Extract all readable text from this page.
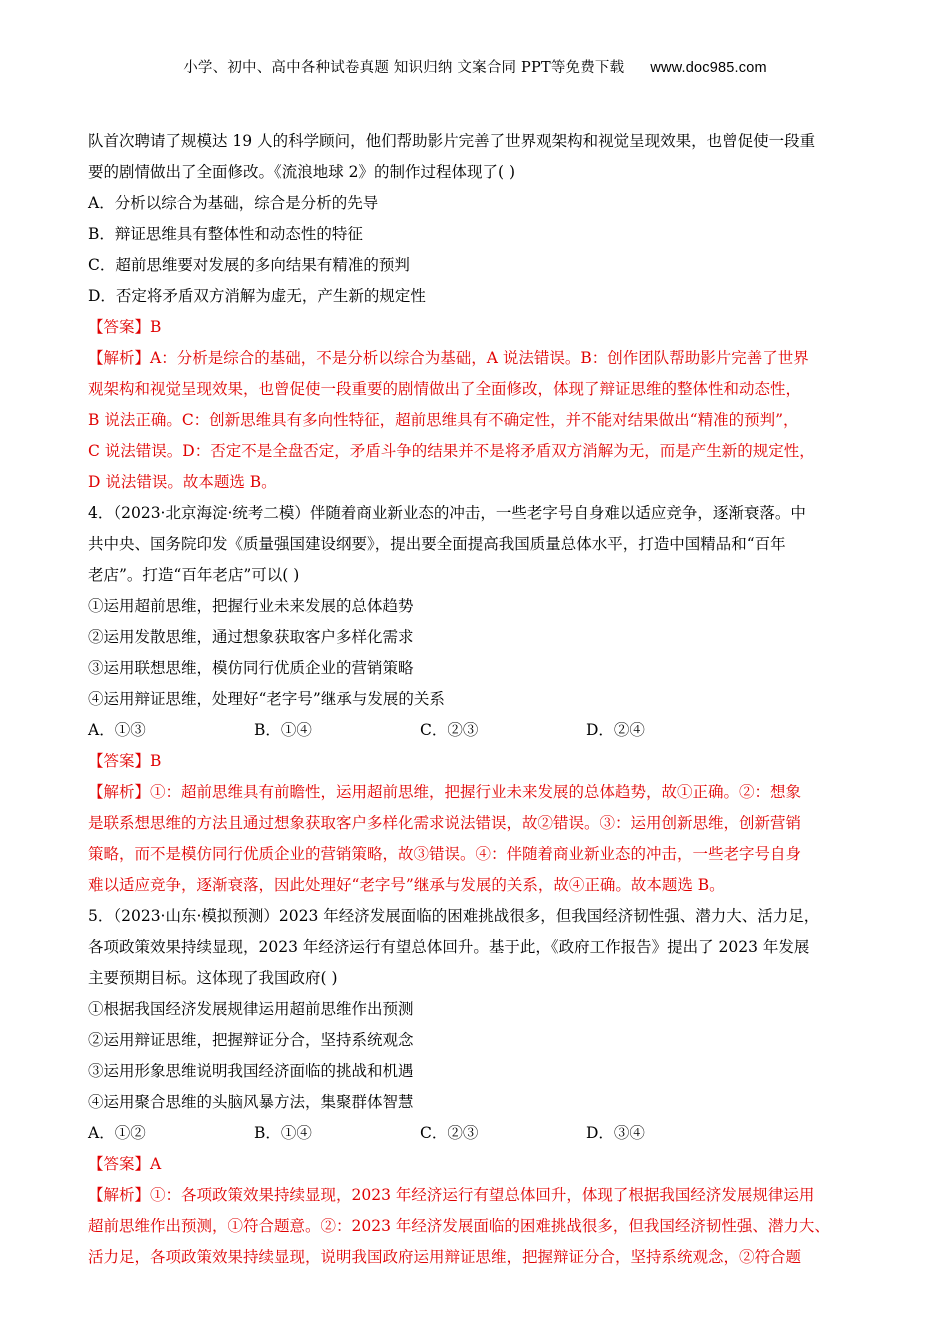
小学、初中、高中各种试卷真题 知识归纳 文案合同 PPT等免费下载 www.doc985.com
队首次聘请了规模达 19 人的科学顾问，他们帮助影片完善了世界观架构和视觉呈现效果，也曾促使一段重
要的剧情做出了全面修改。《流浪地球 2》的制作过程体现了( )
A．分析以综合为基础，综合是分析的先导
B．辩证思维具有整体性和动态性的特征
C．超前思维要对发展的多向结果有精准的预判
D．否定将矛盾双方消解为虚无，产生新的规定性
【答案】B
【解析】A：分析是综合的基础，不是分析以综合为基础，A 说法错误。B：创作团队帮助影片完善了世界
观架构和视觉呈现效果，也曾促使一段重要的剧情做出了全面修改，体现了辩证思维的整体性和动态性，
B 说法正确。C：创新思维具有多向性特征，超前思维具有不确定性，并不能对结果做出“精准的预判”，
C 说法错误。D：否定不是全盘否定，矛盾斗争的结果并不是将矛盾双方消解为无，而是产生新的规定性，
D 说法错误。故本题选 B。
4．（2023·北京海淀·统考二模）伴随着商业新业态的冲击，一些老字号自身难以适应竞争，逐渐衰落。中
共中央、国务院印发《质量强国建设纲要》，提出要全面提高我国质量总体水平，打造中国精品和“百年
老店”。打造“百年老店”可以( )
①运用超前思维，把握行业未来发展的总体趋势
②运用发散思维，通过想象获取客户多样化需求
③运用联想思维，模仿同行优质企业的营销策略
④运用辩证思维，处理好“老字号”继承与发展的关系
A．①③	B．①④	C．②③	D．②④
【答案】B
【解析】①：超前思维具有前瞻性，运用超前思维，把握行业未来发展的总体趋势，故①正确。②：想象
是联系想思维的方法且通过想象获取客户多样化需求说法错误，故②错误。③：运用创新思维，创新营销
策略，而不是模仿同行优质企业的营销策略，故③错误。④：伴随着商业新业态的冲击，一些老字号自身
难以适应竞争，逐渐衰落，因此处理好“老字号”继承与发展的关系，故④正确。故本题选 B。
5．（2023·山东·模拟预测）2023 年经济发展面临的困难挑战很多，但我国经济韧性强、潜力大、活力足，
各项政策效果持续显现，2023 年经济运行有望总体回升。基于此，《政府工作报告》提出了 2023 年发展
主要预期目标。这体现了我国政府( )
①根据我国经济发展规律运用超前思维作出预测
②运用辩证思维，把握辩证分合，坚持系统观念
③运用形象思维说明我国经济面临的挑战和机遇
④运用聚合思维的头脑风暴方法，集聚群体智慧
A．①②	B．①④	C．②③	D．③④
【答案】A
【解析】①：各项政策效果持续显现，2023 年经济运行有望总体回升，体现了根据我国经济发展规律运用
超前思维作出预测，①符合题意。②：2023 年经济发展面临的困难挑战很多，但我国经济韧性强、潜力大、
活力足，各项政策效果持续显现，说明我国政府运用辩证思维，把握辩证分合，坚持系统观念，②符合题
